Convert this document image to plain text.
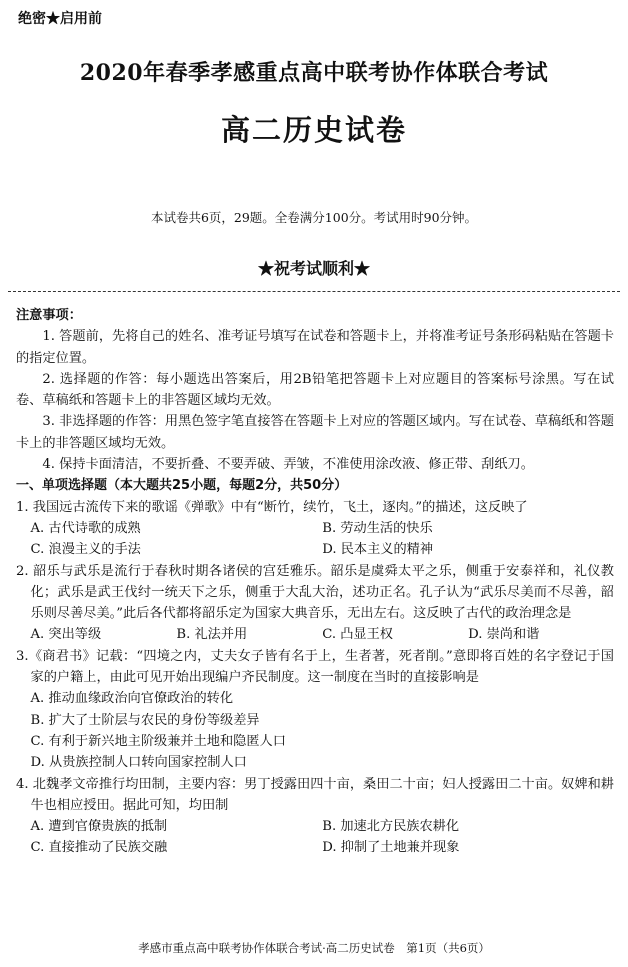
绝密★启用前
2020年春季孝感重点高中联考协作体联合考试
高二历史试卷
本试卷共6页，29题。全卷满分100分。考试用时90分钟。
★祝考试顺利★
注意事项：
1. 答题前，先将自己的姓名、准考证号填写在试卷和答题卡上，并将准考证号条形码粘贴在答题卡的指定位置。
2. 选择题的作答：每小题选出答案后，用2B铅笔把答题卡上对应题目的答案标号涂黑。写在试卷、草稿纸和答题卡上的非答题区域均无效。
3. 非选择题的作答：用黑色签字笔直接答在答题卡上对应的答题区域内。写在试卷、草稿纸和答题卡上的非答题区域均无效。
4. 保持卡面清洁，不要折叠、不要弄破、弄皱，不准使用涂改液、修正带、刮纸刀。
一、单项选择题（本大题共25小题，每题2分，共50分）
1. 我国远古流传下来的歌谣《弹歌》中有“断竹，续竹，飞土，逐肉。”的描述，这反映了
A. 古代诗歌的成熟	B. 劳动生活的快乐
C. 浪漫主义的手法	D. 民本主义的精神
2. 韶乐与武乐是流行于春秋时期各诸侯的宫廷雅乐。韶乐是虞舜太平之乐，侧重于安泰祥和，礼仪教化；武乐是武王伐纣一统天下之乐，侧重于大乱大治，述功正名。孔子认为“武乐尽美而不尽善，韶乐则尽善尽美。”此后各代都将韶乐定为国家大典音乐，无出左右。这反映了古代的政治理念是
A. 突出等级	B. 礼法并用	C. 凸显王权	D. 崇尚和谐
3.《商君书》记载：“四境之内，丈夫女子皆有名于上，生者著，死者削。”意即将百姓的名字登记于国家的户籍上，由此可见开始出现编户齐民制度。这一制度在当时的直接影响是
A. 推动血缘政治向官僚政治的转化
B. 扩大了士阶层与农民的身份等级差异
C. 有利于新兴地主阶级兼并土地和隐匿人口
D. 从贵族控制人口转向国家控制人口
4. 北魏孝文帝推行均田制，主要内容：男丁授露田四十亩，桑田二十亩；妇人授露田二十亩。奴婢和耕牛也相应授田。据此可知，均田制
A. 遭到官僚贵族的抵制	B. 加速北方民族农耕化
C. 直接推动了民族交融	D. 抑制了土地兼并现象
孝感市重点高中联考协作体联合考试·高二历史试卷　第1页（共6页）
